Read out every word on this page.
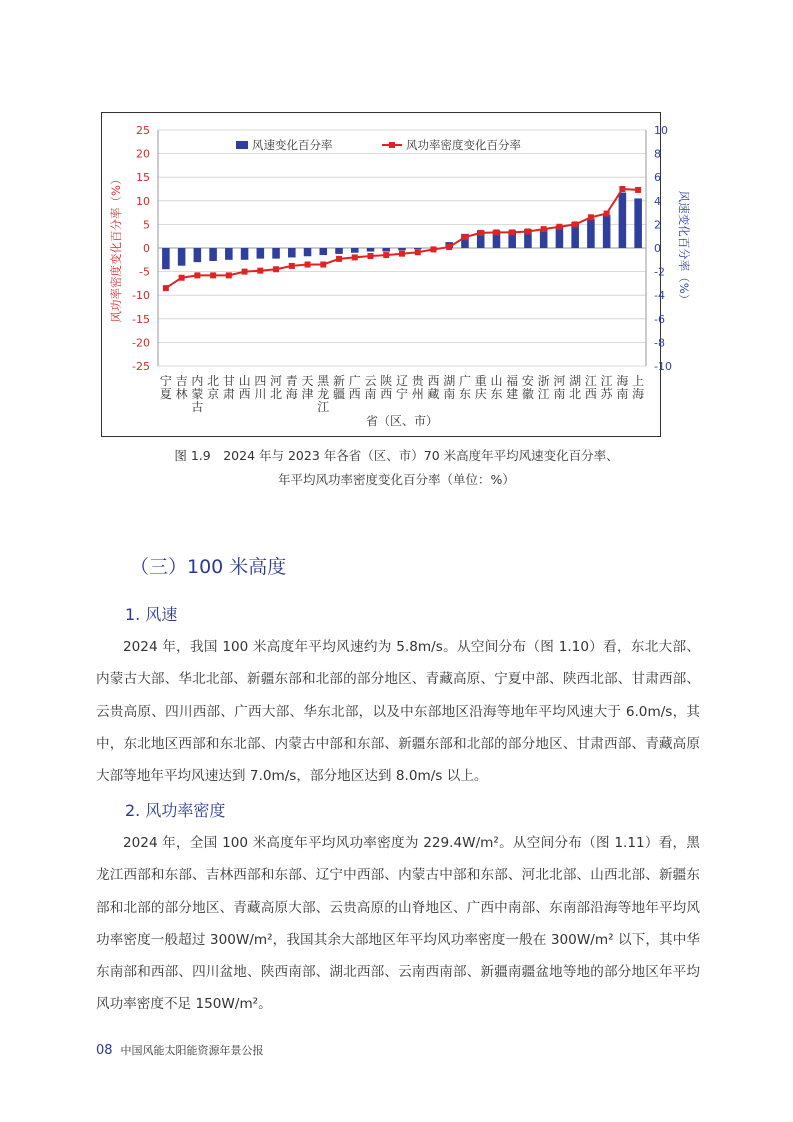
25
20
15
10
5
0
-5
-10
-15
-20
-25
10
8
6
4
2
0
-2
-4
-6
-8
-10
宁
夏
吉
林
内
蒙
古
北
京
甘
肃
山
西
四
川
河
北
青
海
天
津
黑
龙
江
新
疆
广
西
云
南
陕
西
辽
宁
贵
州
西
藏
湖
南
广
东
重
庆
山
东
福
建
安
徽
浙
江
河
南
湖
北
江
西
江
苏
海
南
上
海
省（区、市）
风功率密度变化百分率（%）	风速变化百分率（%）
风速变化百分率	风功率密度变化百分率
图 1.9　2024 年与 2023 年各省（区、市）70 米高度年平均风速变化百分率、
年平均风功率密度变化百分率（单位：%）
（三）100 米高度
1. 风速

2024 年，我国 100 米高度年平均风速约为 5.8m/s。从空间分布（图 1.10）看，东北大部、内蒙古大部、华北北部、新疆东部和北部的部分地区、青藏高原、宁夏中部、陕西北部、甘肃西部、云贵高原、四川西部、广西大部、华东北部，以及中东部地区沿海等地年平均风速大于 6.0m/s，其中，东北地区西部和东北部、内蒙古中部和东部、新疆东部和北部的部分地区、甘肃西部、青藏高原大部等地年平均风速达到 7.0m/s，部分地区达到 8.0m/s 以上。

2. 风功率密度

2024 年，全国 100 米高度年平均风功率密度为 229.4W/m²。从空间分布（图 1.11）看，黑龙江西部和东部、吉林西部和东部、辽宁中西部、内蒙古中部和东部、河北北部、山西北部、新疆东部和北部的部分地区、青藏高原大部、云贵高原的山脊地区、广西中南部、东南部沿海等地年平均风功率密度一般超过 300W/m²，我国其余大部地区年平均风功率密度一般在 300W/m² 以下，其中华东南部和西部、四川盆地、陕西南部、湖北西部、云南西南部、新疆南疆盆地等地的部分地区年平均风功率密度不足 150W/m²。

08 中国风能太阳能资源年景公报
